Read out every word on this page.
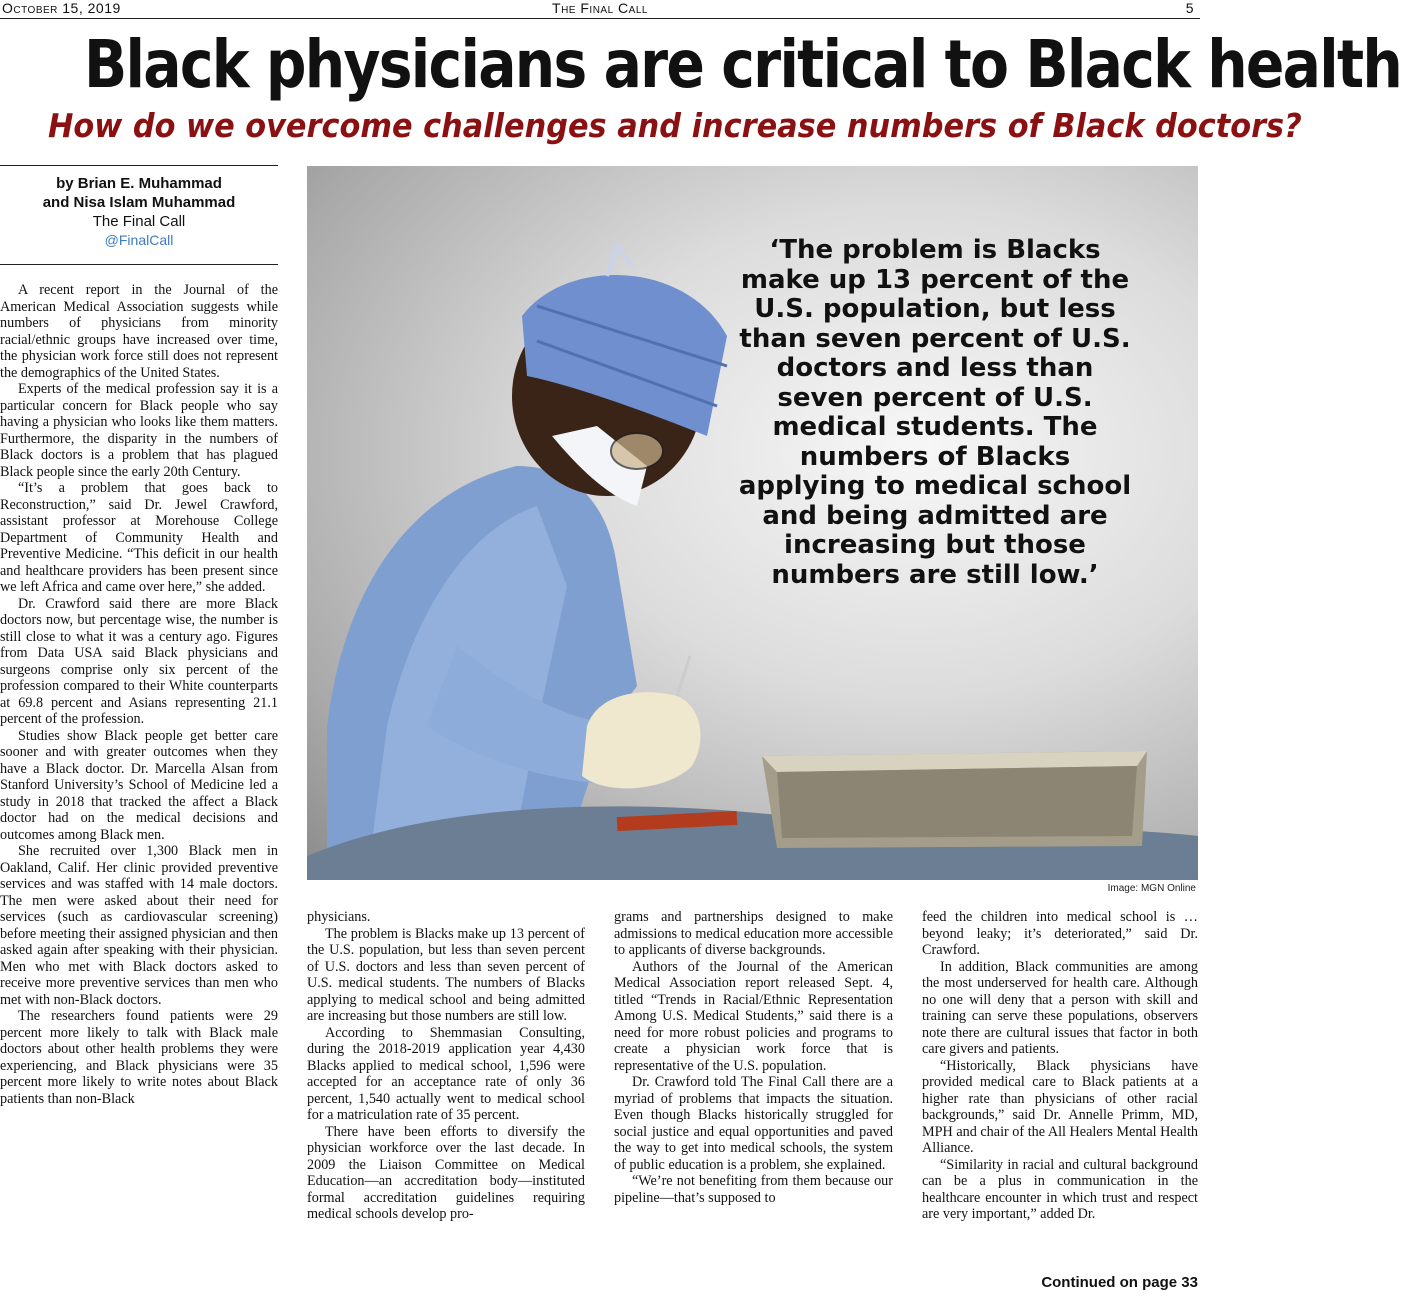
October 15, 2019	The Final Call	5
Black physicians are critical to Black health
How do we overcome challenges and increase numbers of Black doctors?
by Brian E. Muhammad
and Nisa Islam Muhammad
The Final Call
@FinalCall	‘The problem is Blacks make up 13 percent of the U.S. population, but less than seven percent of U.S. doctors and less than seven percent of U.S. medical students. The numbers of Blacks applying to medical school and being admitted are increasing but those numbers are still low.’
Image: MGN Online

A recent report in the Journal of the American Medical Association suggests while numbers of physicians from minority racial/ethnic groups have increased over time, the physician work force still does not represent the demographics of the United States.

Experts of the medical profession say it is a particular concern for Black people who say having a physician who looks like them matters. Furthermore, the disparity in the numbers of Black doctors is a problem that has plagued Black people since the early 20th Century.

“It’s a problem that goes back to Reconstruction,” said Dr. Jewel Crawford, assistant professor at Morehouse College Department of Community Health and Preventive Medicine. “This deficit in our health and healthcare providers has been present since we left Africa and came over here,” she added.

Dr. Crawford said there are more Black doctors now, but percentage wise, the number is still close to what it was a century ago. Figures from Data USA said Black physicians and surgeons comprise only six percent of the profession compared to their White counterparts at 69.8 percent and Asians representing 21.1 percent of the profession.

Studies show Black people get better care sooner and with greater outcomes when they have a Black doctor. Dr. Marcella Alsan from Stanford University’s School of Medicine led a study in 2018 that tracked the affect a Black doctor had on the medical decisions and outcomes among Black men.

She recruited over 1,300 Black men in Oakland, Calif. Her clinic provided preventive services and was staffed with 14 male doctors. The men were asked about their need for services (such as cardiovascular screening) before meeting their assigned physician and then asked again after speaking with their physician. Men who met with Black doctors asked to receive more preventive services than men who met with non-Black doctors.

The researchers found patients were 29 percent more likely to talk with Black male doctors about other health problems they were experiencing, and Black physicians were 35 percent more likely to write notes about Black patients than non-Black

physicians.

The problem is Blacks make up 13 percent of the U.S. population, but less than seven percent of U.S. doctors and less than seven percent of U.S. medical students. The numbers of Blacks applying to medical school and being admitted are increasing but those numbers are still low.

According to Shemmasian Consulting, during the 2018-2019 application year 4,430 Blacks applied to medical school, 1,596 were accepted for an acceptance rate of only 36 percent, 1,540 actually went to medical school for a matriculation rate of 35 percent.

There have been efforts to diversify the physician workforce over the last decade. In 2009 the Liaison Committee on Medical Education—an accreditation body—instituted formal accreditation guidelines requiring medical schools develop pro-

grams and partnerships designed to make admissions to medical education more accessible to applicants of diverse backgrounds.

Authors of the Journal of the American Medical Association report released Sept. 4, titled “Trends in Racial/Ethnic Representation Among U.S. Medical Students,” said there is a need for more robust policies and programs to create a physician work force that is representative of the U.S. population.

Dr. Crawford told The Final Call there are a myriad of problems that impacts the situation. Even though Blacks historically struggled for social justice and equal opportunities and paved the way to get into medical schools, the system of public education is a problem, she explained.

“We’re not benefiting from them because our pipeline—that’s supposed to

feed the children into medical school is … beyond leaky; it’s deteriorated,” said Dr. Crawford.

In addition, Black communities are among the most underserved for health care. Although no one will deny that a person with skill and training can serve these populations, observers note there are cultural issues that factor in both care givers and patients.

“Historically, Black physicians have provided medical care to Black patients at a higher rate than physicians of other racial backgrounds,” said Dr. Annelle Primm, MD, MPH and chair of the All Healers Mental Health Alliance.

“Similarity in racial and cultural background can be a plus in communication in the healthcare encounter in which trust and respect are very important,” added Dr.

Continued on page 33
